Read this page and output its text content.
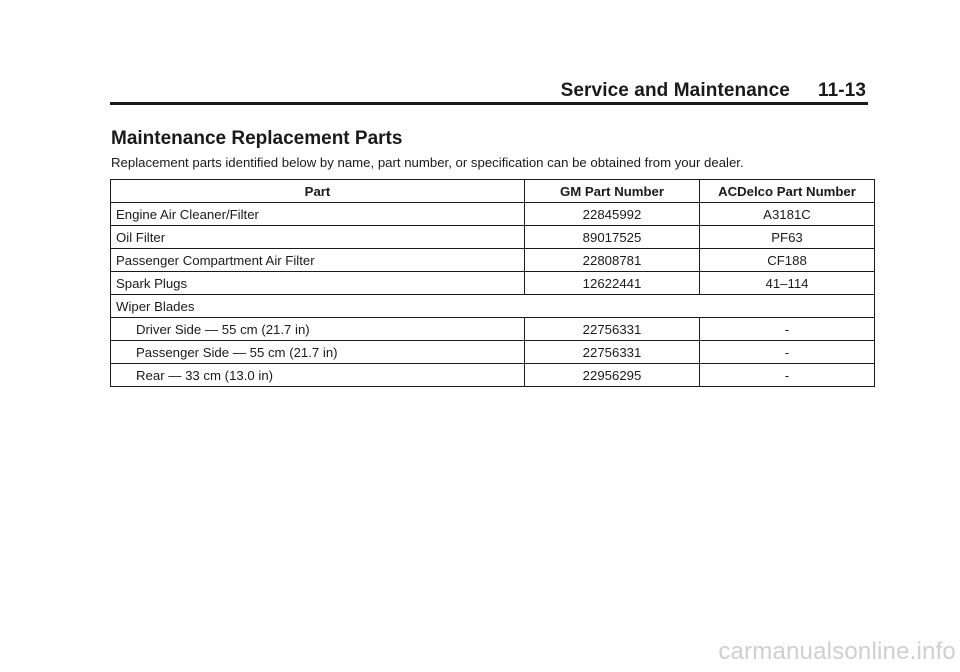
Service and Maintenance 11-13
Maintenance Replacement Parts

Replacement parts identified below by name, part number, or specification can be obtained from your dealer.

Part	GM Part Number	ACDelco Part Number
Engine Air Cleaner/Filter	22845992	A3181C
Oil Filter	89017525	PF63
Passenger Compartment Air Filter	22808781	CF188
Spark Plugs	12622441	41–114
Wiper Blades		
Driver Side — 55 cm (21.7 in)	22756331	-
Passenger Side — 55 cm (21.7 in)	22756331	-
Rear — 33 cm (13.0 in)	22956295	-
carmanualsonline.info
